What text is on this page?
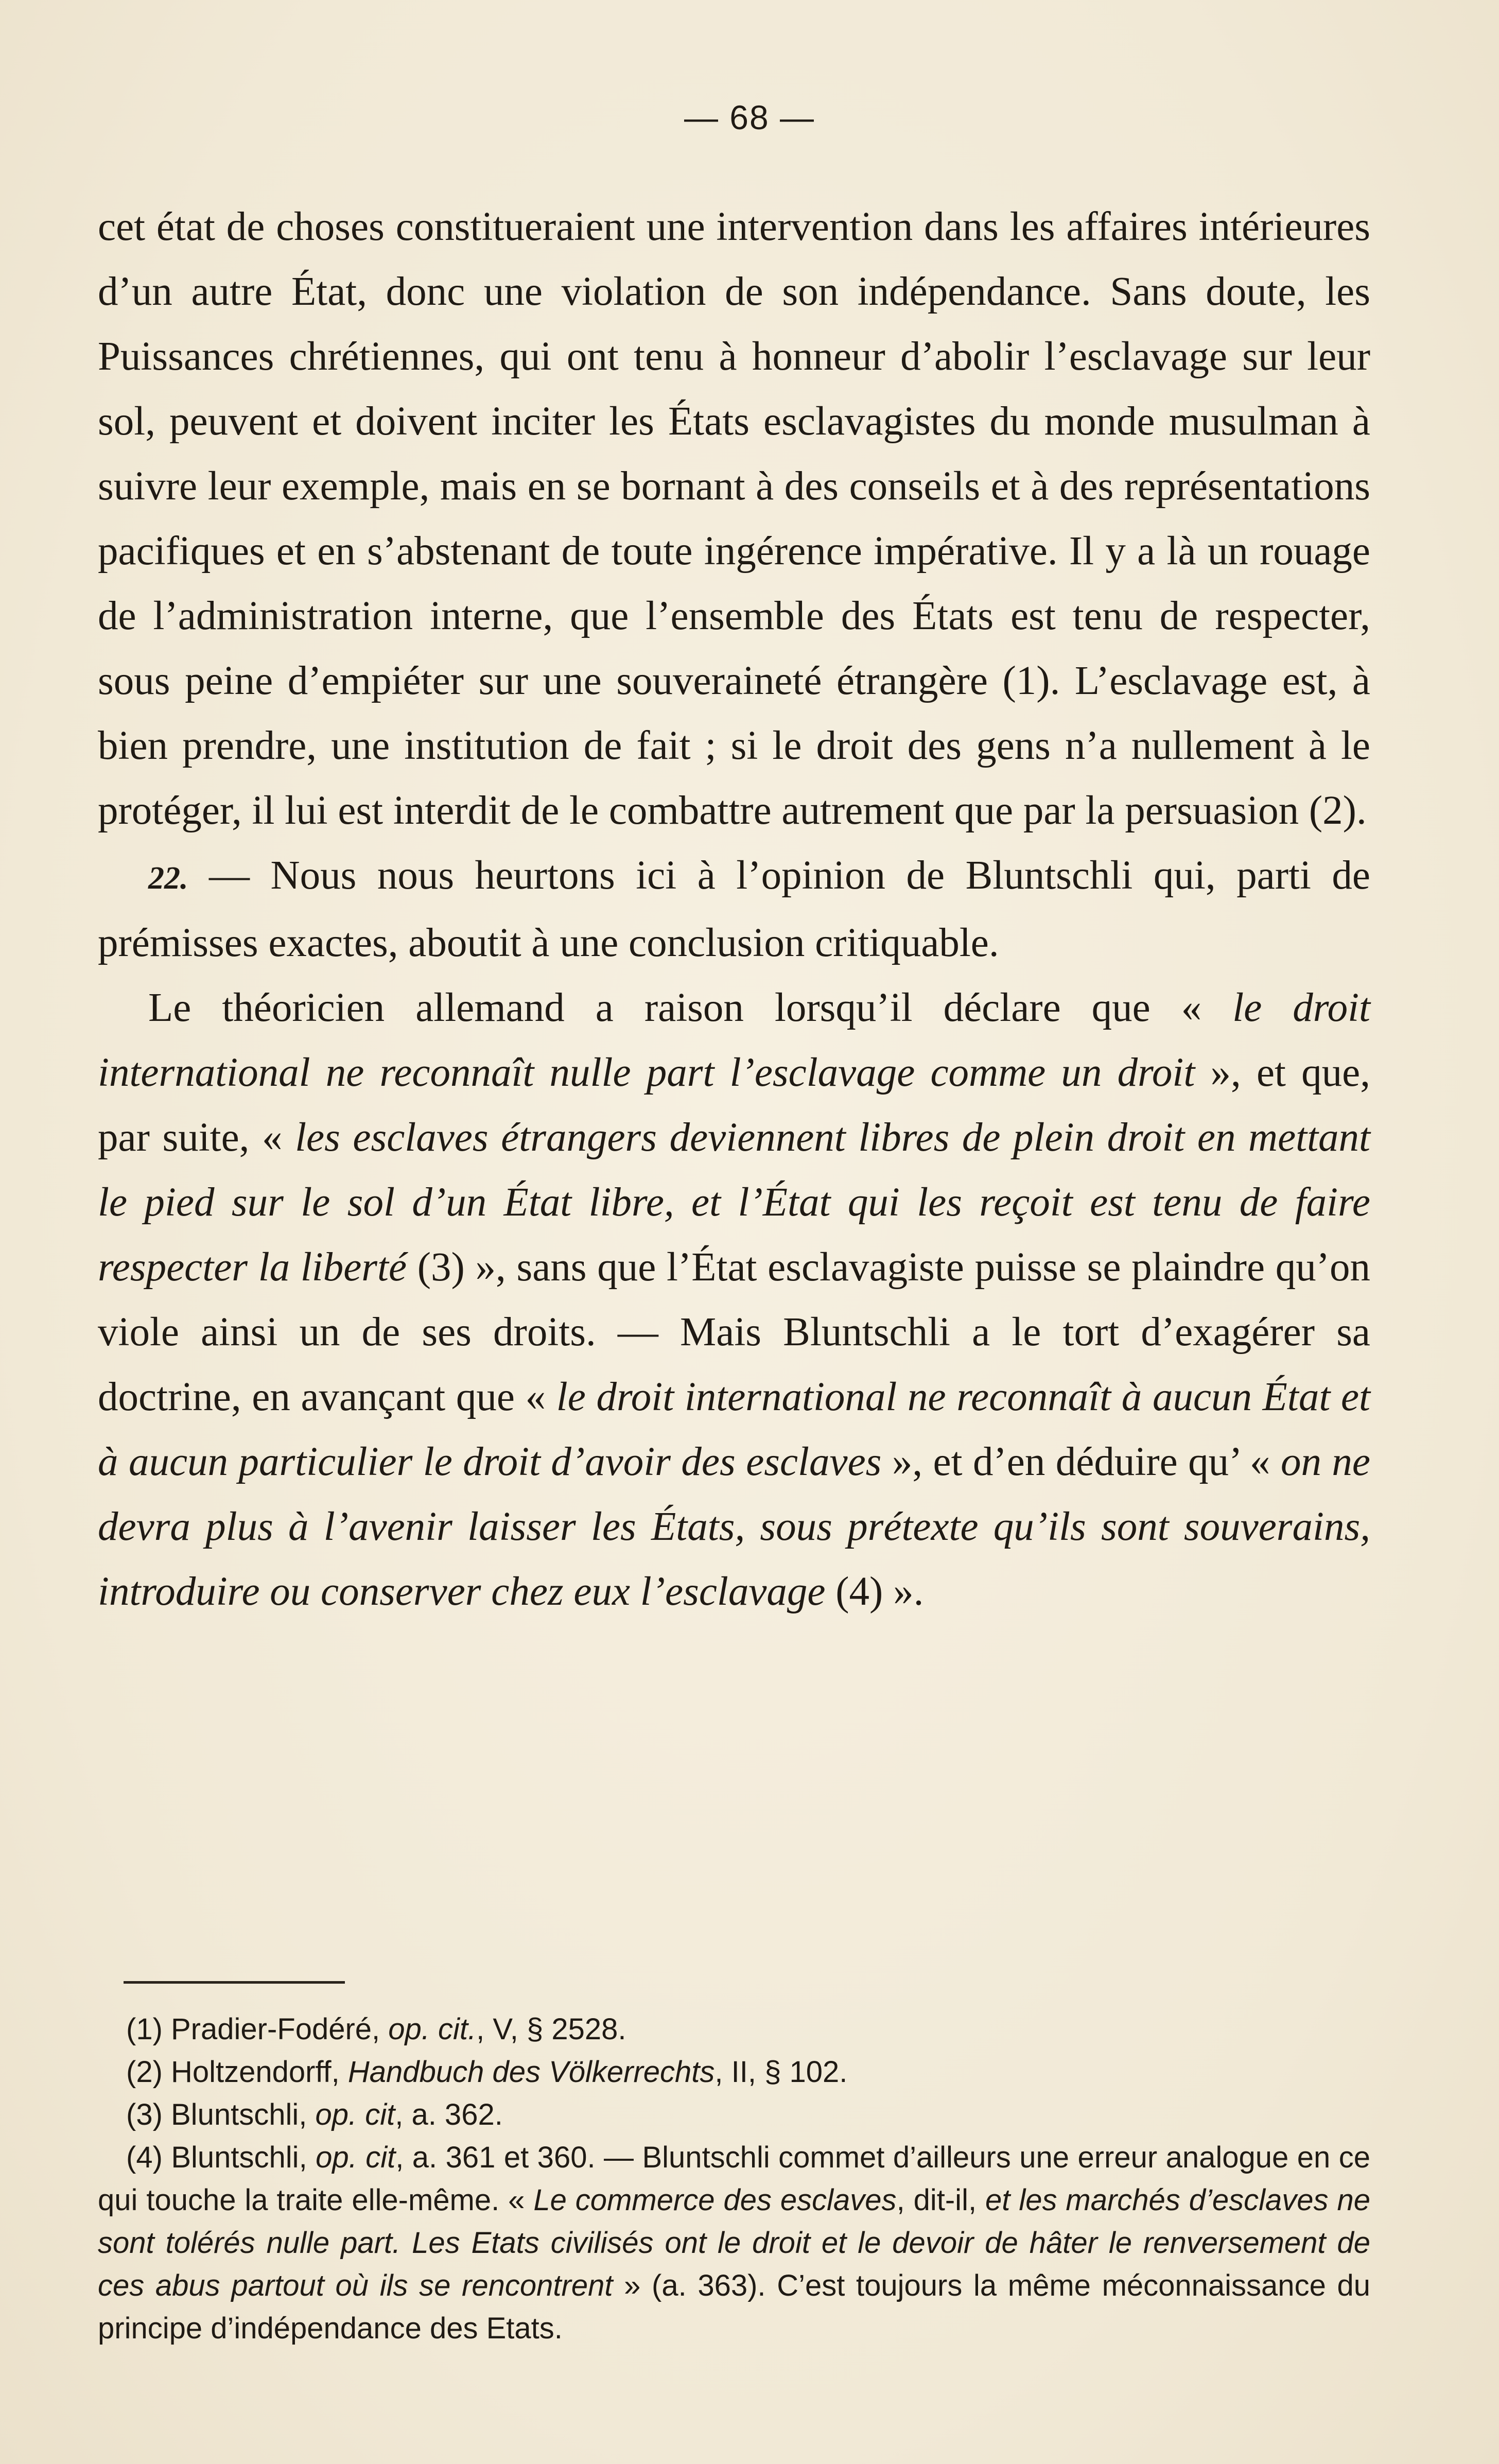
— 68 —

cet état de choses constitueraient une intervention dans les affaires intérieures d’un autre État, donc une violation de son indépendance. Sans doute, les Puissances chrétiennes, qui ont tenu à honneur d’abolir l’esclavage sur leur sol, peuvent et doivent inciter les États esclavagistes du monde musulman à suivre leur exemple, mais en se bornant à des conseils et à des représentations pacifiques et en s’abstenant de toute ingérence impérative. Il y a là un rouage de l’administration interne, que l’ensemble des États est tenu de respecter, sous peine d’empiéter sur une souveraineté étrangère (1). L’esclavage est, à bien prendre, une institution de fait ; si le droit des gens n’a nullement à le protéger, il lui est interdit de le combattre autrement que par la persuasion (2).

22. — Nous nous heurtons ici à l’opinion de Bluntschli qui, parti de prémisses exactes, aboutit à une conclusion critiquable.

Le théoricien allemand a raison lorsqu’il déclare que « le droit international ne reconnaît nulle part l’esclavage comme un droit », et que, par suite, « les esclaves étrangers deviennent libres de plein droit en mettant le pied sur le sol d’un État libre, et l’État qui les reçoit est tenu de faire respecter la liberté (3) », sans que l’État esclavagiste puisse se plaindre qu’on viole ainsi un de ses droits. — Mais Bluntschli a le tort d’exagérer sa doctrine, en avançant que « le droit international ne reconnaît à aucun État et à aucun particulier le droit d’avoir des esclaves », et d’en déduire qu’ « on ne devra plus à l’avenir laisser les États, sous prétexte qu’ils sont souverains, introduire ou conserver chez eux l’esclavage (4) ».

(1) Pradier-Fodéré, op. cit., V, § 2528.

(2) Holtzendorff, Handbuch des Völkerrechts, II, § 102.

(3) Bluntschli, op. cit, a. 362.

(4) Bluntschli, op. cit, a. 361 et 360. — Bluntschli commet d’ailleurs une erreur analogue en ce qui touche la traite elle-même. « Le commerce des esclaves, dit-il, et les marchés d’esclaves ne sont tolérés nulle part. Les Etats civilisés ont le droit et le devoir de hâter le renversement de ces abus partout où ils se rencontrent » (a. 363). C’est toujours la même méconnaissance du principe d’indépendance des Etats.
